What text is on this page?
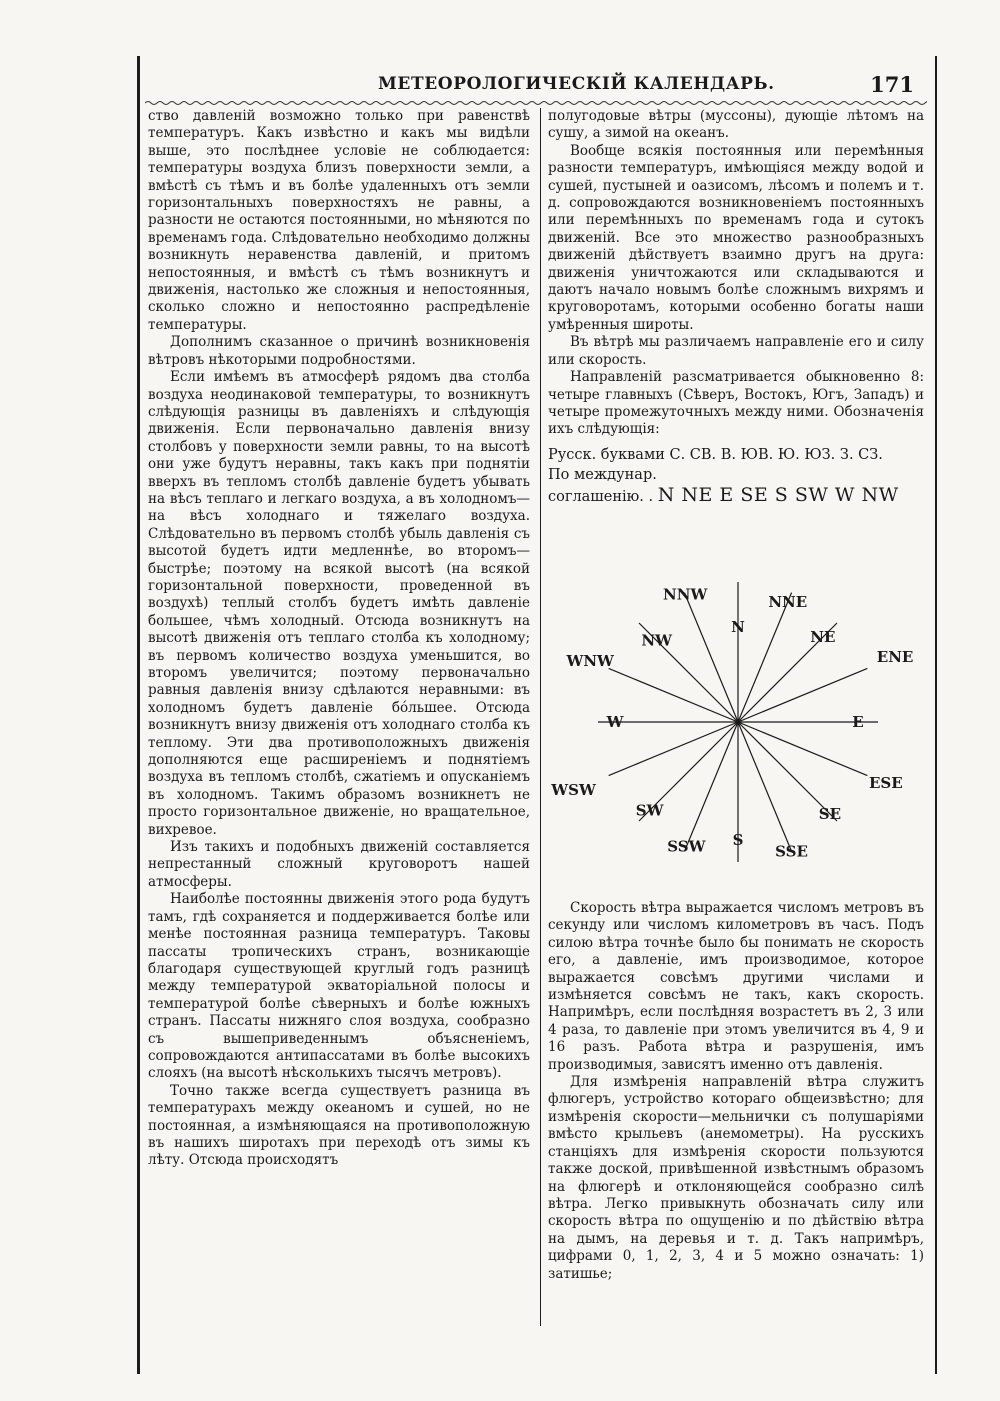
МЕТЕОРОЛОГИЧЕСКІЙ КАЛЕНДАРЬ.	171

ство давленій возможно только при равенствѣ температуръ. Какъ извѣстно и какъ мы видѣли выше, это послѣднее условіе не соблюдается: температуры воздуха близъ поверхности земли, а вмѣстѣ съ тѣмъ и въ болѣе удаленныхъ отъ земли горизонтальныхъ поверхностяхъ не равны, а разности не остаются постоянными, но мѣняются по временамъ года. Слѣдовательно необходимо должны возникнуть неравенства давленій, и притомъ непостоянныя, и вмѣстѣ съ тѣмъ возникнутъ и движенія, настолько же сложныя и непостоянныя, сколько сложно и непостоянно распредѣленіе температуры.

Дополнимъ сказанное о причинѣ возникновенія вѣтровъ нѣкоторыми подробностями.

Если имѣемъ въ атмосферѣ рядомъ два столба воздуха неодинаковой температуры, то возникнутъ слѣдующія разницы въ давленіяхъ и слѣдующія движенія. Если первоначально давленія внизу столбовъ у поверхности земли равны, то на высотѣ они уже будутъ неравны, такъ какъ при поднятіи вверхъ въ тепломъ столбѣ давленіе будетъ убывать на вѣсъ теплаго и легкаго воздуха, а въ холодномъ— на вѣсъ холоднаго и тяжелаго воздуха. Слѣдовательно въ первомъ столбѣ убыль давленія съ высотой будетъ идти медленнѣе, во второмъ—быстрѣе; поэтому на всякой высотѣ (на всякой горизонтальной поверхности, проведенной въ воздухѣ) теплый столбъ будетъ имѣть давленіе большее, чѣмъ холодный. Отсюда возникнутъ на высотѣ движенія отъ теплаго столба къ холодному; въ первомъ количество воздуха уменьшится, во второмъ увеличится; поэтому первоначально равныя давленія внизу сдѣлаются неравными: въ холодномъ будетъ давленіе бóльшее. Отсюда возникнутъ внизу движенія отъ холоднаго столба къ теплому. Эти два противоположныхъ движенія дополняются еще расширеніемъ и поднятіемъ воздуха въ тепломъ столбѣ, сжатіемъ и опусканіемъ въ холодномъ. Такимъ образомъ возникнетъ не просто горизонтальное движеніе, но вращательное, вихревое.

Изъ такихъ и подобныхъ движеній составляется непрестанный сложный круговоротъ нашей атмосферы.

Наиболѣе постоянны движенія этого рода будутъ тамъ, гдѣ сохраняется и поддерживается болѣе или менѣе постоянная разница температуръ. Таковы пассаты тропическихъ странъ, возникающіе благодаря существующей круглый годъ разницѣ между температурой экваторіальной полосы и температурой болѣе сѣверныхъ и болѣе южныхъ странъ. Пассаты нижняго слоя воздуха, сообразно съ вышеприведеннымъ объясненіемъ, сопровождаются антипассатами въ болѣе высокихъ слояхъ (на высотѣ нѣсколькихъ тысячъ метровъ).

Точно также всегда существуетъ разница въ температурахъ между океаномъ и сушей, но не постоянная, а измѣняющаяся на противоположную въ нашихъ широтахъ при переходѣ отъ зимы къ лѣту. Отсюда происходятъ

полугодовые вѣтры (муссоны), дующіе лѣтомъ на сушу, а зимой на океанъ.

Вообще всякія постоянныя или перемѣнныя разности температуръ, имѣющіяся между водой и сушей, пустыней и оазисомъ, лѣсомъ и полемъ и т. д. сопровождаются возникновеніемъ постоянныхъ или перемѣнныхъ по временамъ года и сутокъ движеній. Все это множество разнообразныхъ движеній дѣйствуетъ взаимно другъ на друга: движенія уничтожаются или складываются и даютъ начало новымъ болѣе сложнымъ вихрямъ и круговоротамъ, которыми особенно богаты наши умѣренныя широты.

Въ вѣтрѣ мы различаемъ направленіе его и силу или скорость.

Направленій разсматривается обыкновенно 8: четыре главныхъ (Сѣверъ, Востокъ, Югъ, Западъ) и четыре промежуточныхъ между ними. Обозначенія ихъ слѣдующія:

Русск. буквами С. СВ. В. ЮВ. Ю. ЮЗ. З. СЗ.
По междунар.
соглашенію. . N NE E SE S SW W NW
N
NNE
NE
ENE
E
ESE
SE
SSE
S
SSW
SW
WSW
W
WNW
NW
NNW

Скорость вѣтра выражается числомъ метровъ въ секунду или числомъ километровъ въ часъ. Подъ силою вѣтра точнѣе было бы понимать не скорость его, а давленіе, имъ производимое, которое выражается совсѣмъ другими числами и измѣняется совсѣмъ не такъ, какъ скорость. Напримѣръ, если послѣдняя возрастетъ въ 2, 3 или 4 раза, то давленіе при этомъ увеличится въ 4, 9 и 16 разъ. Работа вѣтра и разрушенія, имъ производимыя, зависятъ именно отъ давленія.

Для измѣренія направленій вѣтра служитъ флюгеръ, устройство котораго общеизвѣстно; для измѣренія скорости—мельнички съ полушаріями вмѣсто крыльевъ (анемометры). На русскихъ станціяхъ для измѣренія скорости пользуются также доской, привѣшенной извѣстнымъ образомъ на флюгерѣ и отклоняющейся сообразно силѣ вѣтра. Легко привыкнуть обозначать силу или скорость вѣтра по ощущенію и по дѣйствію вѣтра на дымъ, на деревья и т. д. Такъ напримѣръ, цифрами 0, 1, 2, 3, 4 и 5 можно означать: 1) затишье;
